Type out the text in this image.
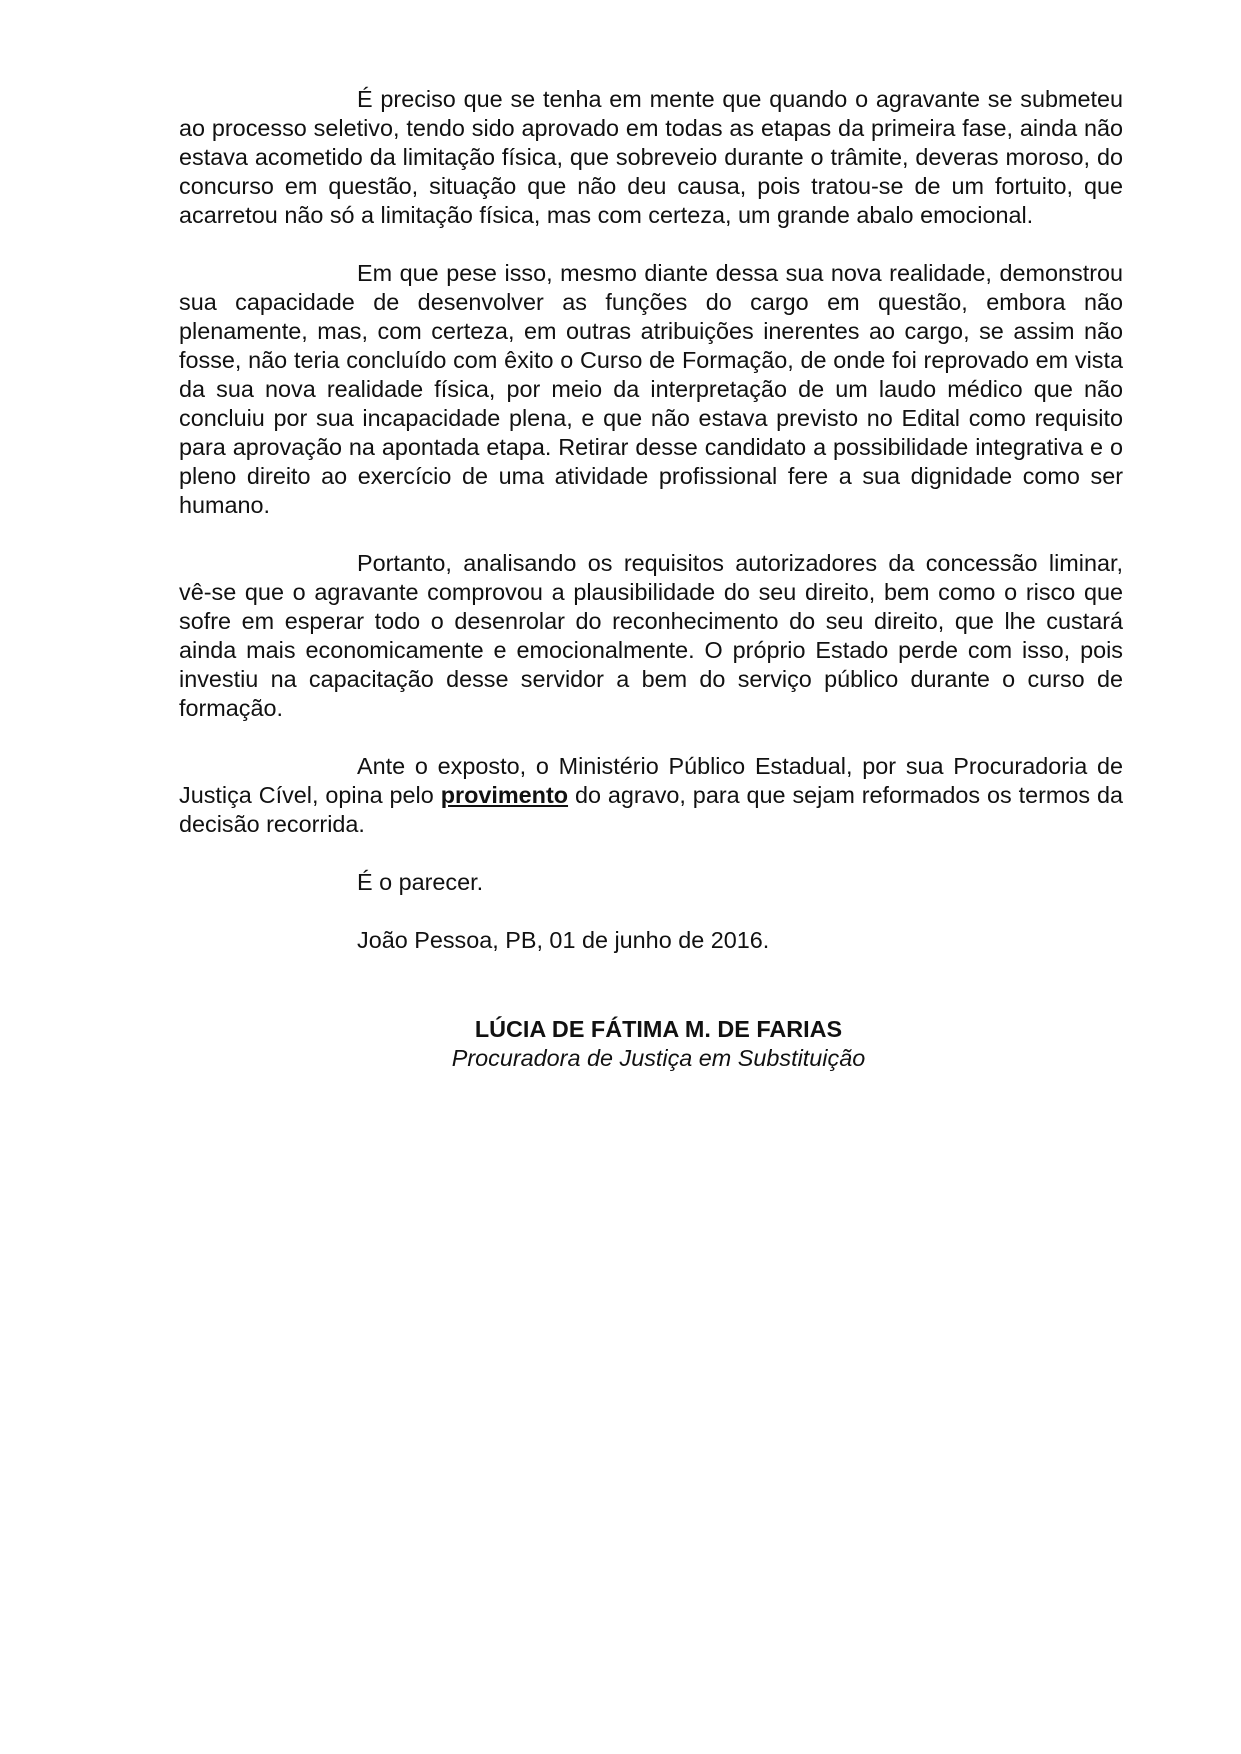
É preciso que se tenha em mente que quando o agravante se submeteu ao processo seletivo, tendo sido aprovado em todas as etapas da primeira fase, ainda não estava acometido da limitação física, que sobreveio durante o trâmite, deveras moroso, do concurso em questão, situação que não deu causa, pois tratou-se de um fortuito, que acarretou não só a limitação física, mas com certeza, um grande abalo emocional.

Em que pese isso, mesmo diante dessa sua nova realidade, demonstrou sua capacidade de desenvolver as funções do cargo em questão, embora não plenamente, mas, com certeza, em outras atribuições inerentes ao cargo, se assim não fosse, não teria concluído com êxito o Curso de Formação, de onde foi reprovado em vista da sua nova realidade física, por meio da interpretação de um laudo médico que não concluiu por sua incapacidade plena, e que não estava previsto no Edital como requisito para aprovação na apontada etapa. Retirar desse candidato a possibilidade integrativa e o pleno direito ao exercício de uma atividade profissional fere a sua dignidade como ser humano.

Portanto, analisando os requisitos autorizadores da concessão liminar, vê-se que o agravante comprovou a plausibilidade do seu direito, bem como o risco que sofre em esperar todo o desenrolar do reconhecimento do seu direito, que lhe custará ainda mais economicamente e emocionalmente. O próprio Estado perde com isso, pois investiu na capacitação desse servidor a bem do serviço público durante o curso de formação.

Ante o exposto, o Ministério Público Estadual, por sua Procuradoria de Justiça Cível, opina pelo provimento do agravo, para que sejam reformados os termos da decisão recorrida.

É o parecer.

João Pessoa, PB, 01 de junho de 2016.

LÚCIA DE FÁTIMA M. DE FARIAS
Procuradora de Justiça em Substituição
